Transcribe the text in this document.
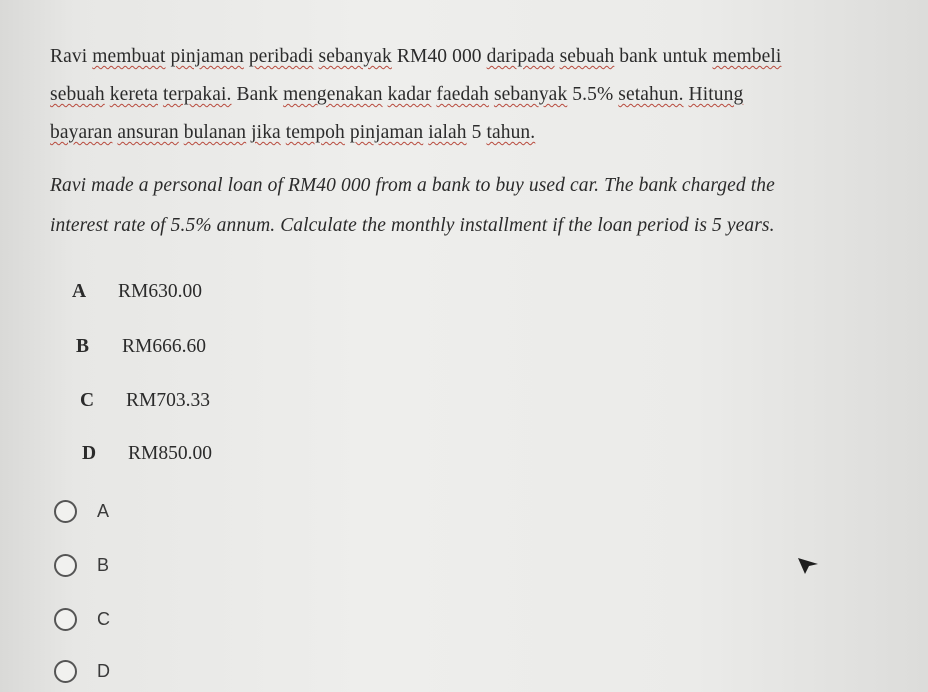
Ravi membuat pinjaman peribadi sebanyak RM40 000 daripada sebuah bank untuk membeli
sebuah kereta terpakai. Bank mengenakan kadar faedah sebanyak 5.5% setahun. Hitung
bayaran ansuran bulanan jika tempoh pinjaman ialah 5 tahun.
Ravi made a personal loan of RM40 000 from a bank to buy used car. The bank charged the
interest rate of 5.5% annum. Calculate the monthly installment if the loan period is 5 years.
A RM630.00
B RM666.60
C RM703.33
D RM850.00
A
B
C
D
